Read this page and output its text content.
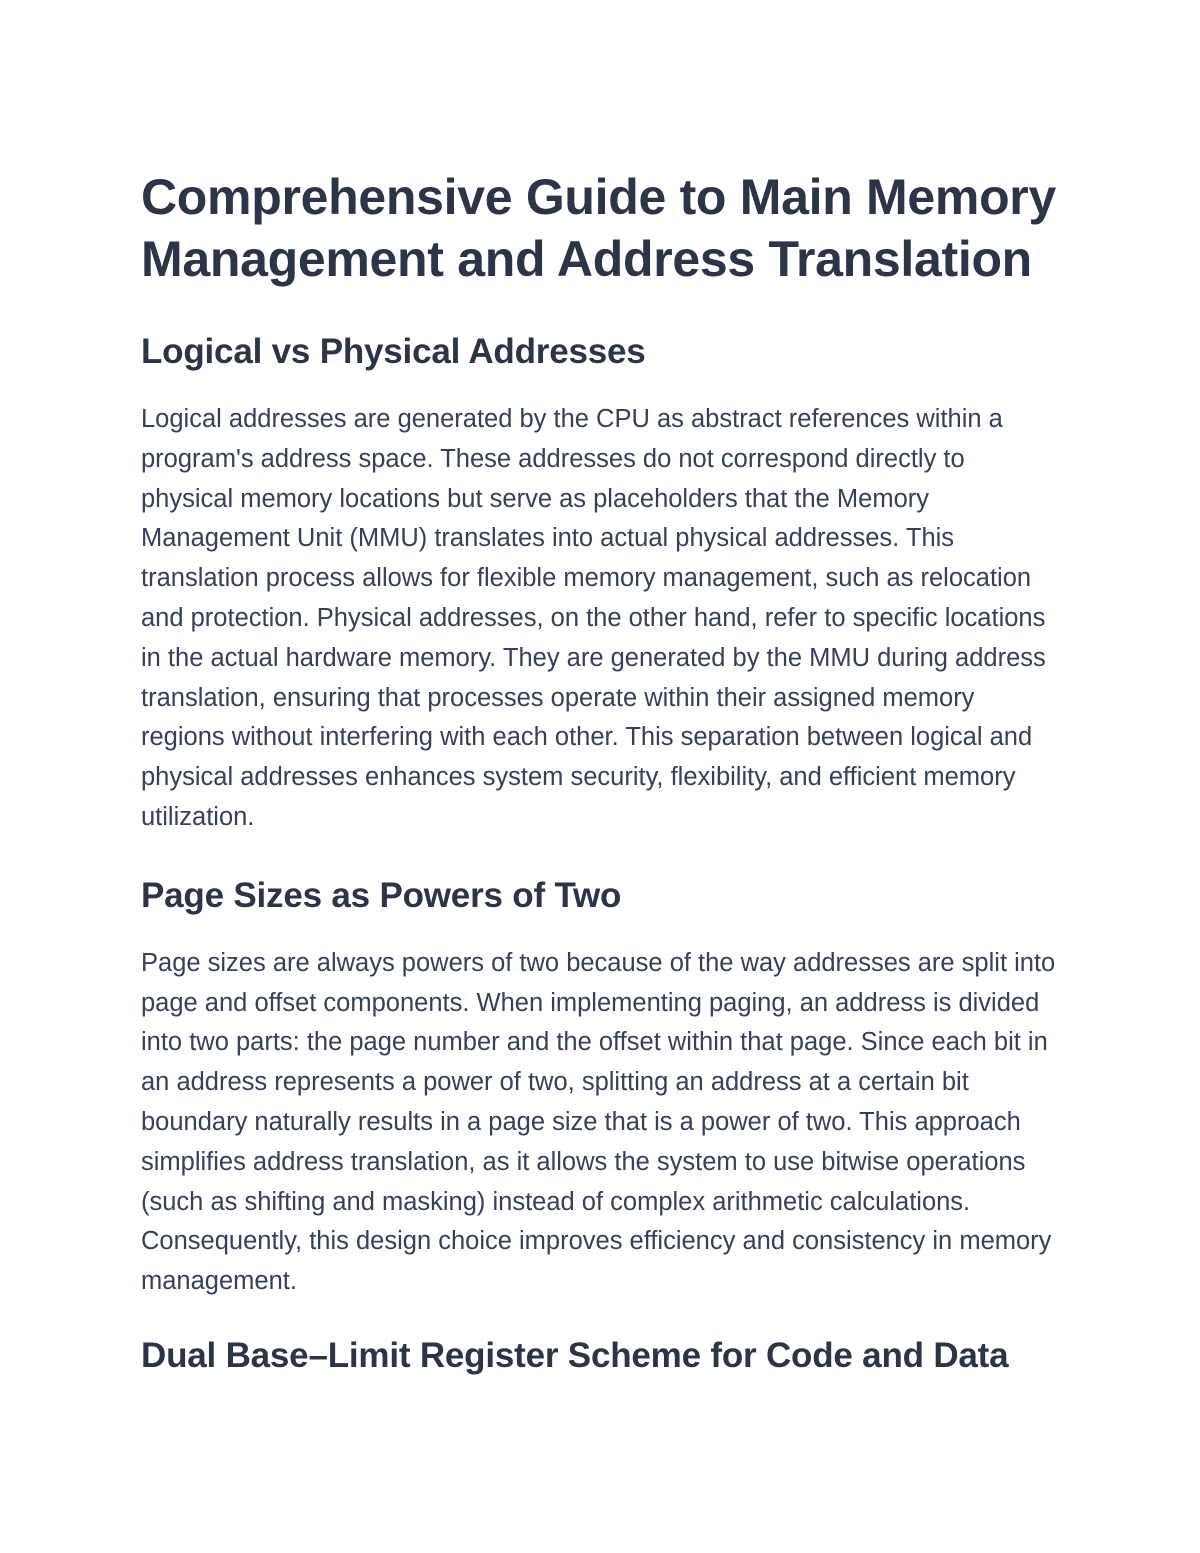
Comprehensive Guide to Main Memory Management and Address Translation
Logical vs Physical Addresses

Logical addresses are generated by the CPU as abstract references within a program's address space. These addresses do not correspond directly to physical memory locations but serve as placeholders that the Memory Management Unit (MMU) translates into actual physical addresses. This translation process allows for flexible memory management, such as relocation and protection. Physical addresses, on the other hand, refer to specific locations in the actual hardware memory. They are generated by the MMU during address translation, ensuring that processes operate within their assigned memory regions without interfering with each other. This separation between logical and physical addresses enhances system security, flexibility, and efficient memory utilization.

Page Sizes as Powers of Two

Page sizes are always powers of two because of the way addresses are split into page and offset components. When implementing paging, an address is divided into two parts: the page number and the offset within that page. Since each bit in an address represents a power of two, splitting an address at a certain bit boundary naturally results in a page size that is a power of two. This approach simplifies address translation, as it allows the system to use bitwise operations (such as shifting and masking) instead of complex arithmetic calculations. Consequently, this design choice improves efficiency and consistency in memory management.

Dual Base–Limit Register Scheme for Code and Data
